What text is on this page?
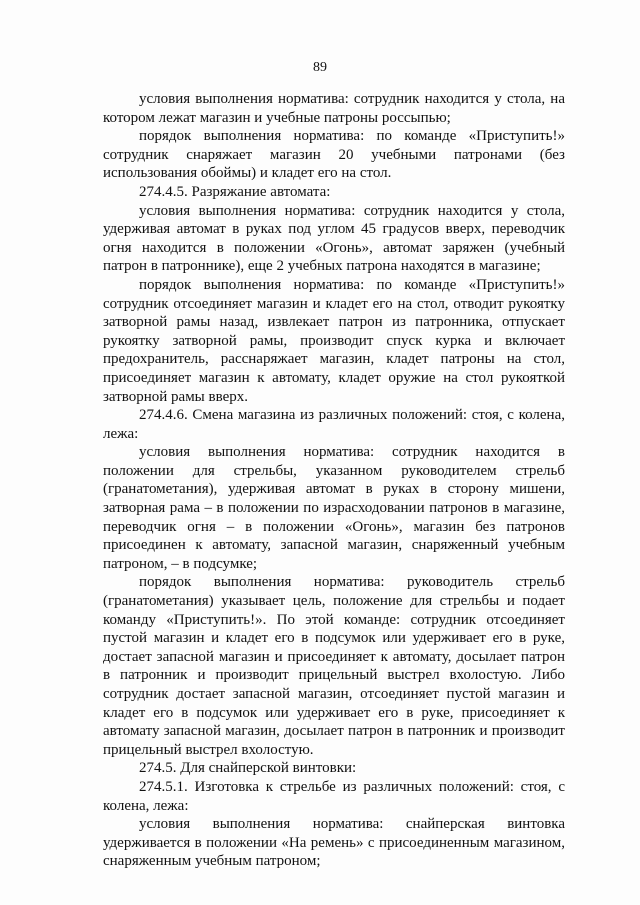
89

условия выполнения норматива: сотрудник находится у стола, на котором лежат магазин и учебные патроны россыпью;

порядок выполнения норматива: по команде «Приступить!» сотрудник снаряжает магазин 20 учебными патронами (без использования обоймы) и кладет его на стол.

274.4.5. Разряжание автомата:

условия выполнения норматива: сотрудник находится у стола, удерживая автомат в руках под углом 45 градусов вверх, переводчик огня находится в положении «Огонь», автомат заряжен (учебный патрон в патроннике), еще 2 учебных патрона находятся в магазине;

порядок выполнения норматива: по команде «Приступить!» сотрудник отсоединяет магазин и кладет его на стол, отводит рукоятку затворной рамы назад, извлекает патрон из патронника, отпускает рукоятку затворной рамы, производит спуск курка и включает предохранитель, расснаряжает магазин, кладет патроны на стол, присоединяет магазин к автомату, кладет оружие на стол рукояткой затворной рамы вверх.

274.4.6. Смена магазина из различных положений: стоя, с колена, лежа:

условия выполнения норматива: сотрудник находится в положении для стрельбы, указанном руководителем стрельб (гранатометания), удерживая автомат в руках в сторону мишени, затворная рама – в положении по израсходовании патронов в магазине, переводчик огня – в положении «Огонь», магазин без патронов присоединен к автомату, запасной магазин, снаряженный учебным патроном, – в подсумке;

порядок выполнения норматива: руководитель стрельб (гранатометания) указывает цель, положение для стрельбы и подает команду «Приступить!». По этой команде: сотрудник отсоединяет пустой магазин и кладет его в подсумок или удерживает его в руке, достает запасной магазин и присоединяет к автомату, досылает патрон в патронник и производит прицельный выстрел вхолостую. Либо сотрудник достает запасной магазин, отсоединяет пустой магазин и кладет его в подсумок или удерживает его в руке, присоединяет к автомату запасной магазин, досылает патрон в патронник и производит прицельный выстрел вхолостую.

274.5. Для снайперской винтовки:

274.5.1. Изготовка к стрельбе из различных положений: стоя, с колена, лежа:

условия выполнения норматива: снайперская винтовка удерживается в положении «На ремень» с присоединенным магазином, снаряженным учебным патроном;
